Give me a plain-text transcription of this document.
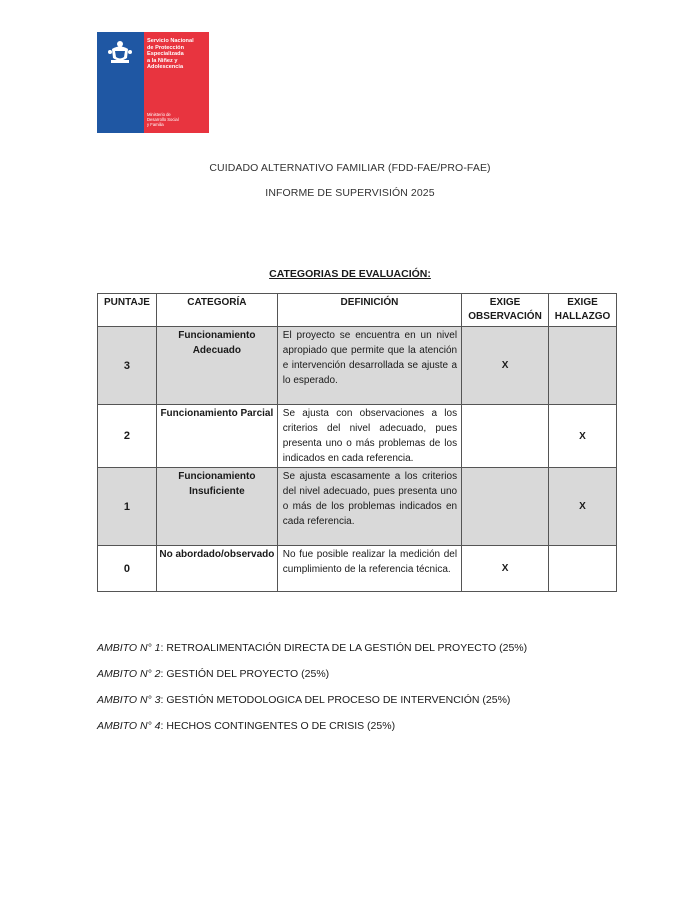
Servicio Nacional
de Protección
Especializada
a la Niñez y
Adolescencia
Ministerio de
Desarrollo Social
y Familia
CUIDADO ALTERNATIVO FAMILIAR (FDD-FAE/PRO-FAE)
INFORME DE SUPERVISIÓN 2025
CATEGORIAS DE EVALUACIÓN:
PUNTAJE	CATEGORÍA	DEFINICIÓN	EXIGE OBSERVACIÓN	EXIGE HALLAZGO
3	Funcionamiento Adecuado	El proyecto se encuentra en un nivel apropiado que permite que la atención e intervención desarrollada se ajuste a lo esperado.	X	
2	Funcionamiento Parcial	Se ajusta con observaciones a los criterios del nivel adecuado, pues presenta uno o más problemas de los indicados en cada referencia.		X
1	Funcionamiento Insuficiente	Se ajusta escasamente a los criterios del nivel adecuado, pues presenta uno o más de los problemas indicados en cada referencia.		X
0	No abordado/observado	No fue posible realizar la medición del cumplimiento de la referencia técnica.	X	
AMBITO N° 1: RETROALIMENTACIÓN DIRECTA DE LA GESTIÓN DEL PROYECTO (25%)
AMBITO N° 2: GESTIÓN DEL PROYECTO (25%)
AMBITO N° 3: GESTIÓN METODOLOGICA DEL PROCESO DE INTERVENCIÓN (25%)
AMBITO N° 4: HECHOS CONTINGENTES O DE CRISIS (25%)
